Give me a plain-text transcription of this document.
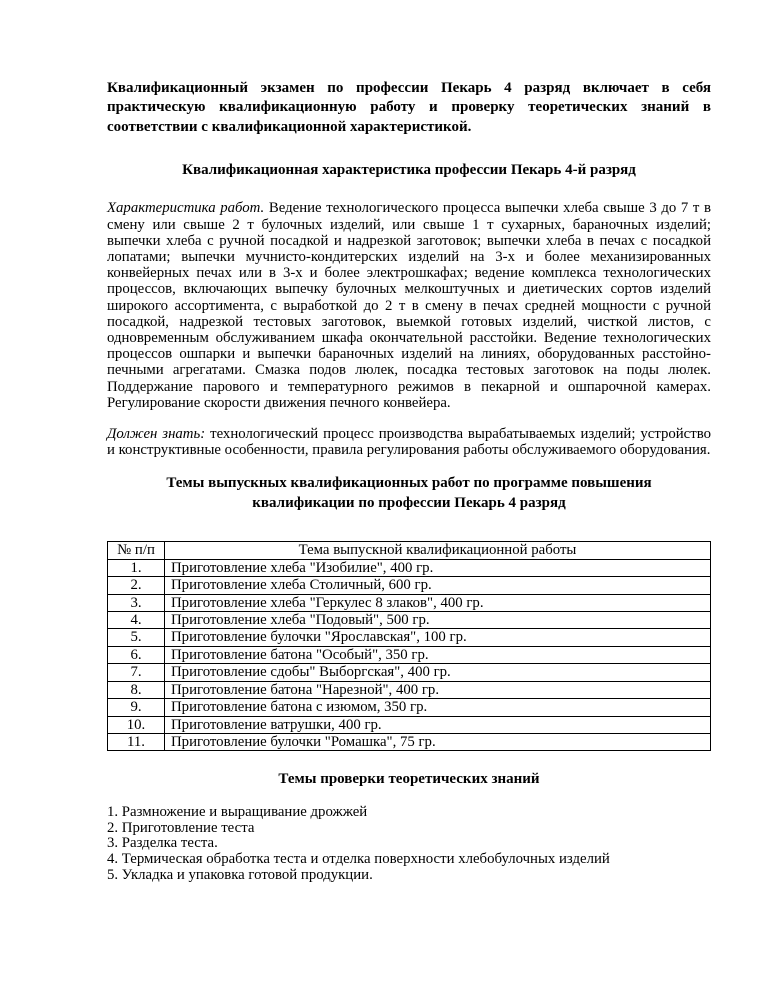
Квалификационный экзамен по профессии Пекарь 4 разряд включает в себя практическую квалификационную работу и проверку теоретических знаний в соответствии с квалификационной характеристикой.

Квалификационная характеристика профессии Пекарь 4-й разряд

Характеристика работ. Ведение технологического процесса выпечки хлеба свыше 3 до 7 т в смену или свыше 2 т булочных изделий, или свыше 1 т сухарных, бараночных изделий; выпечки хлеба с ручной посадкой и надрезкой заготовок; выпечки хлеба в печах с посадкой лопатами; выпечки мучнисто-кондитерских изделий на 3-х и более механизированных конвейерных печах или в 3-х и более электрошкафах; ведение комплекса технологических процессов, включающих выпечку булочных мелкоштучных и диетических сортов изделий широкого ассортимента, с выработкой до 2 т в смену в печах средней мощности с ручной посадкой, надрезкой тестовых заготовок, выемкой готовых изделий, чисткой листов, с одновременным обслуживанием шкафа окончательной расстойки. Ведение технологических процессов ошпарки и выпечки бараночных изделий на линиях, оборудованных расстойно-печными агрегатами. Смазка подов люлек, посадка тестовых заготовок на поды люлек. Поддержание парового и температурного режимов в пекарной и ошпарочной камерах. Регулирование скорости движения печного конвейера.

Должен знать: технологический процесс производства вырабатываемых изделий; устройство и конструктивные особенности, правила регулирования работы обслуживаемого оборудования.

Темы выпускных квалификационных работ по программе повышения квалификации по профессии Пекарь 4 разряд

№ п/п	Тема выпускной квалификационной работы
1.	Приготовление хлеба "Изобилие", 400 гр.
2.	Приготовление хлеба Столичный, 600 гр.
3.	Приготовление хлеба "Геркулес 8 злаков", 400 гр.
4.	Приготовление хлеба "Подовый", 500 гр.
5.	Приготовление булочки "Ярославская", 100 гр.
6.	Приготовление батона "Особый", 350 гр.
7.	Приготовление сдобы" Выборгская", 400 гр.
8.	Приготовление батона "Нарезной", 400 гр.
9.	Приготовление батона с изюмом, 350 гр.
10.	Приготовление ватрушки, 400 гр.
11.	Приготовление булочки "Ромашка", 75 гр.

Темы проверки теоретических знаний

1. Размножение и выращивание дрожжей

2. Приготовление теста

3. Разделка теста.

4. Термическая обработка теста и отделка поверхности хлебобулочных изделий

5. Укладка и упаковка готовой продукции.
